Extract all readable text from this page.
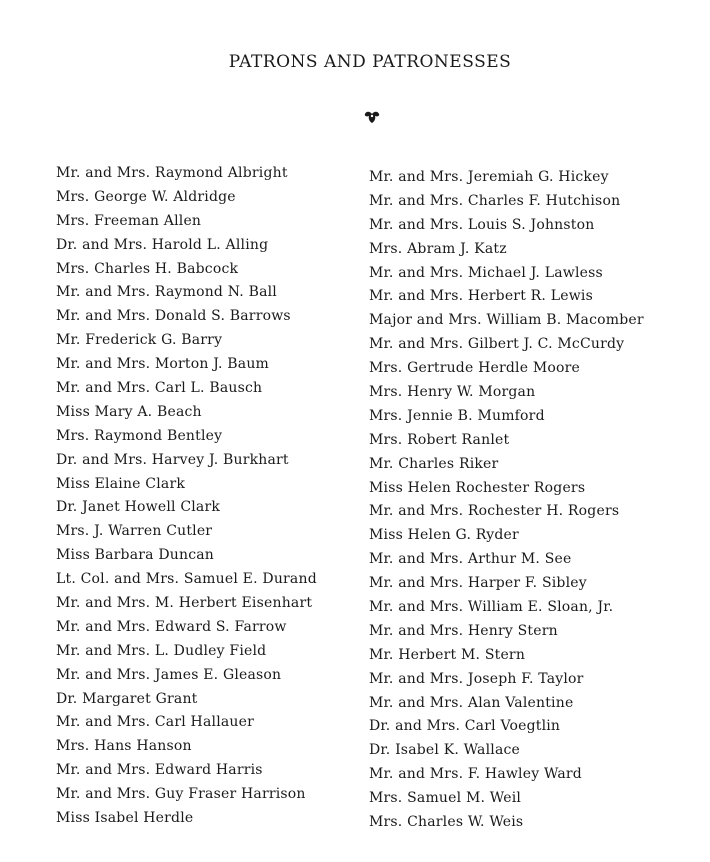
PATRONS AND PATRONESSES
Mr. and Mrs. Raymond Albright
Mrs. George W. Aldridge
Mrs. Freeman Allen
Dr. and Mrs. Harold L. Alling
Mrs. Charles H. Babcock
Mr. and Mrs. Raymond N. Ball
Mr. and Mrs. Donald S. Barrows
Mr. Frederick G. Barry
Mr. and Mrs. Morton J. Baum
Mr. and Mrs. Carl L. Bausch
Miss Mary A. Beach
Mrs. Raymond Bentley
Dr. and Mrs. Harvey J. Burkhart
Miss Elaine Clark
Dr. Janet Howell Clark
Mrs. J. Warren Cutler
Miss Barbara Duncan
Lt. Col. and Mrs. Samuel E. Durand
Mr. and Mrs. M. Herbert Eisenhart
Mr. and Mrs. Edward S. Farrow
Mr. and Mrs. L. Dudley Field
Mr. and Mrs. James E. Gleason
Dr. Margaret Grant
Mr. and Mrs. Carl Hallauer
Mrs. Hans Hanson
Mr. and Mrs. Edward Harris
Mr. and Mrs. Guy Fraser Harrison
Miss Isabel Herdle
Mr. and Mrs. Jeremiah G. Hickey
Mr. and Mrs. Charles F. Hutchison
Mr. and Mrs. Louis S. Johnston
Mrs. Abram J. Katz
Mr. and Mrs. Michael J. Lawless
Mr. and Mrs. Herbert R. Lewis
Major and Mrs. William B. Macomber
Mr. and Mrs. Gilbert J. C. McCurdy
Mrs. Gertrude Herdle Moore
Mrs. Henry W. Morgan
Mrs. Jennie B. Mumford
Mrs. Robert Ranlet
Mr. Charles Riker
Miss Helen Rochester Rogers
Mr. and Mrs. Rochester H. Rogers
Miss Helen G. Ryder
Mr. and Mrs. Arthur M. See
Mr. and Mrs. Harper F. Sibley
Mr. and Mrs. William E. Sloan, Jr.
Mr. and Mrs. Henry Stern
Mr. Herbert M. Stern
Mr. and Mrs. Joseph F. Taylor
Mr. and Mrs. Alan Valentine
Dr. and Mrs. Carl Voegtlin
Dr. Isabel K. Wallace
Mr. and Mrs. F. Hawley Ward
Mrs. Samuel M. Weil
Mrs. Charles W. Weis
